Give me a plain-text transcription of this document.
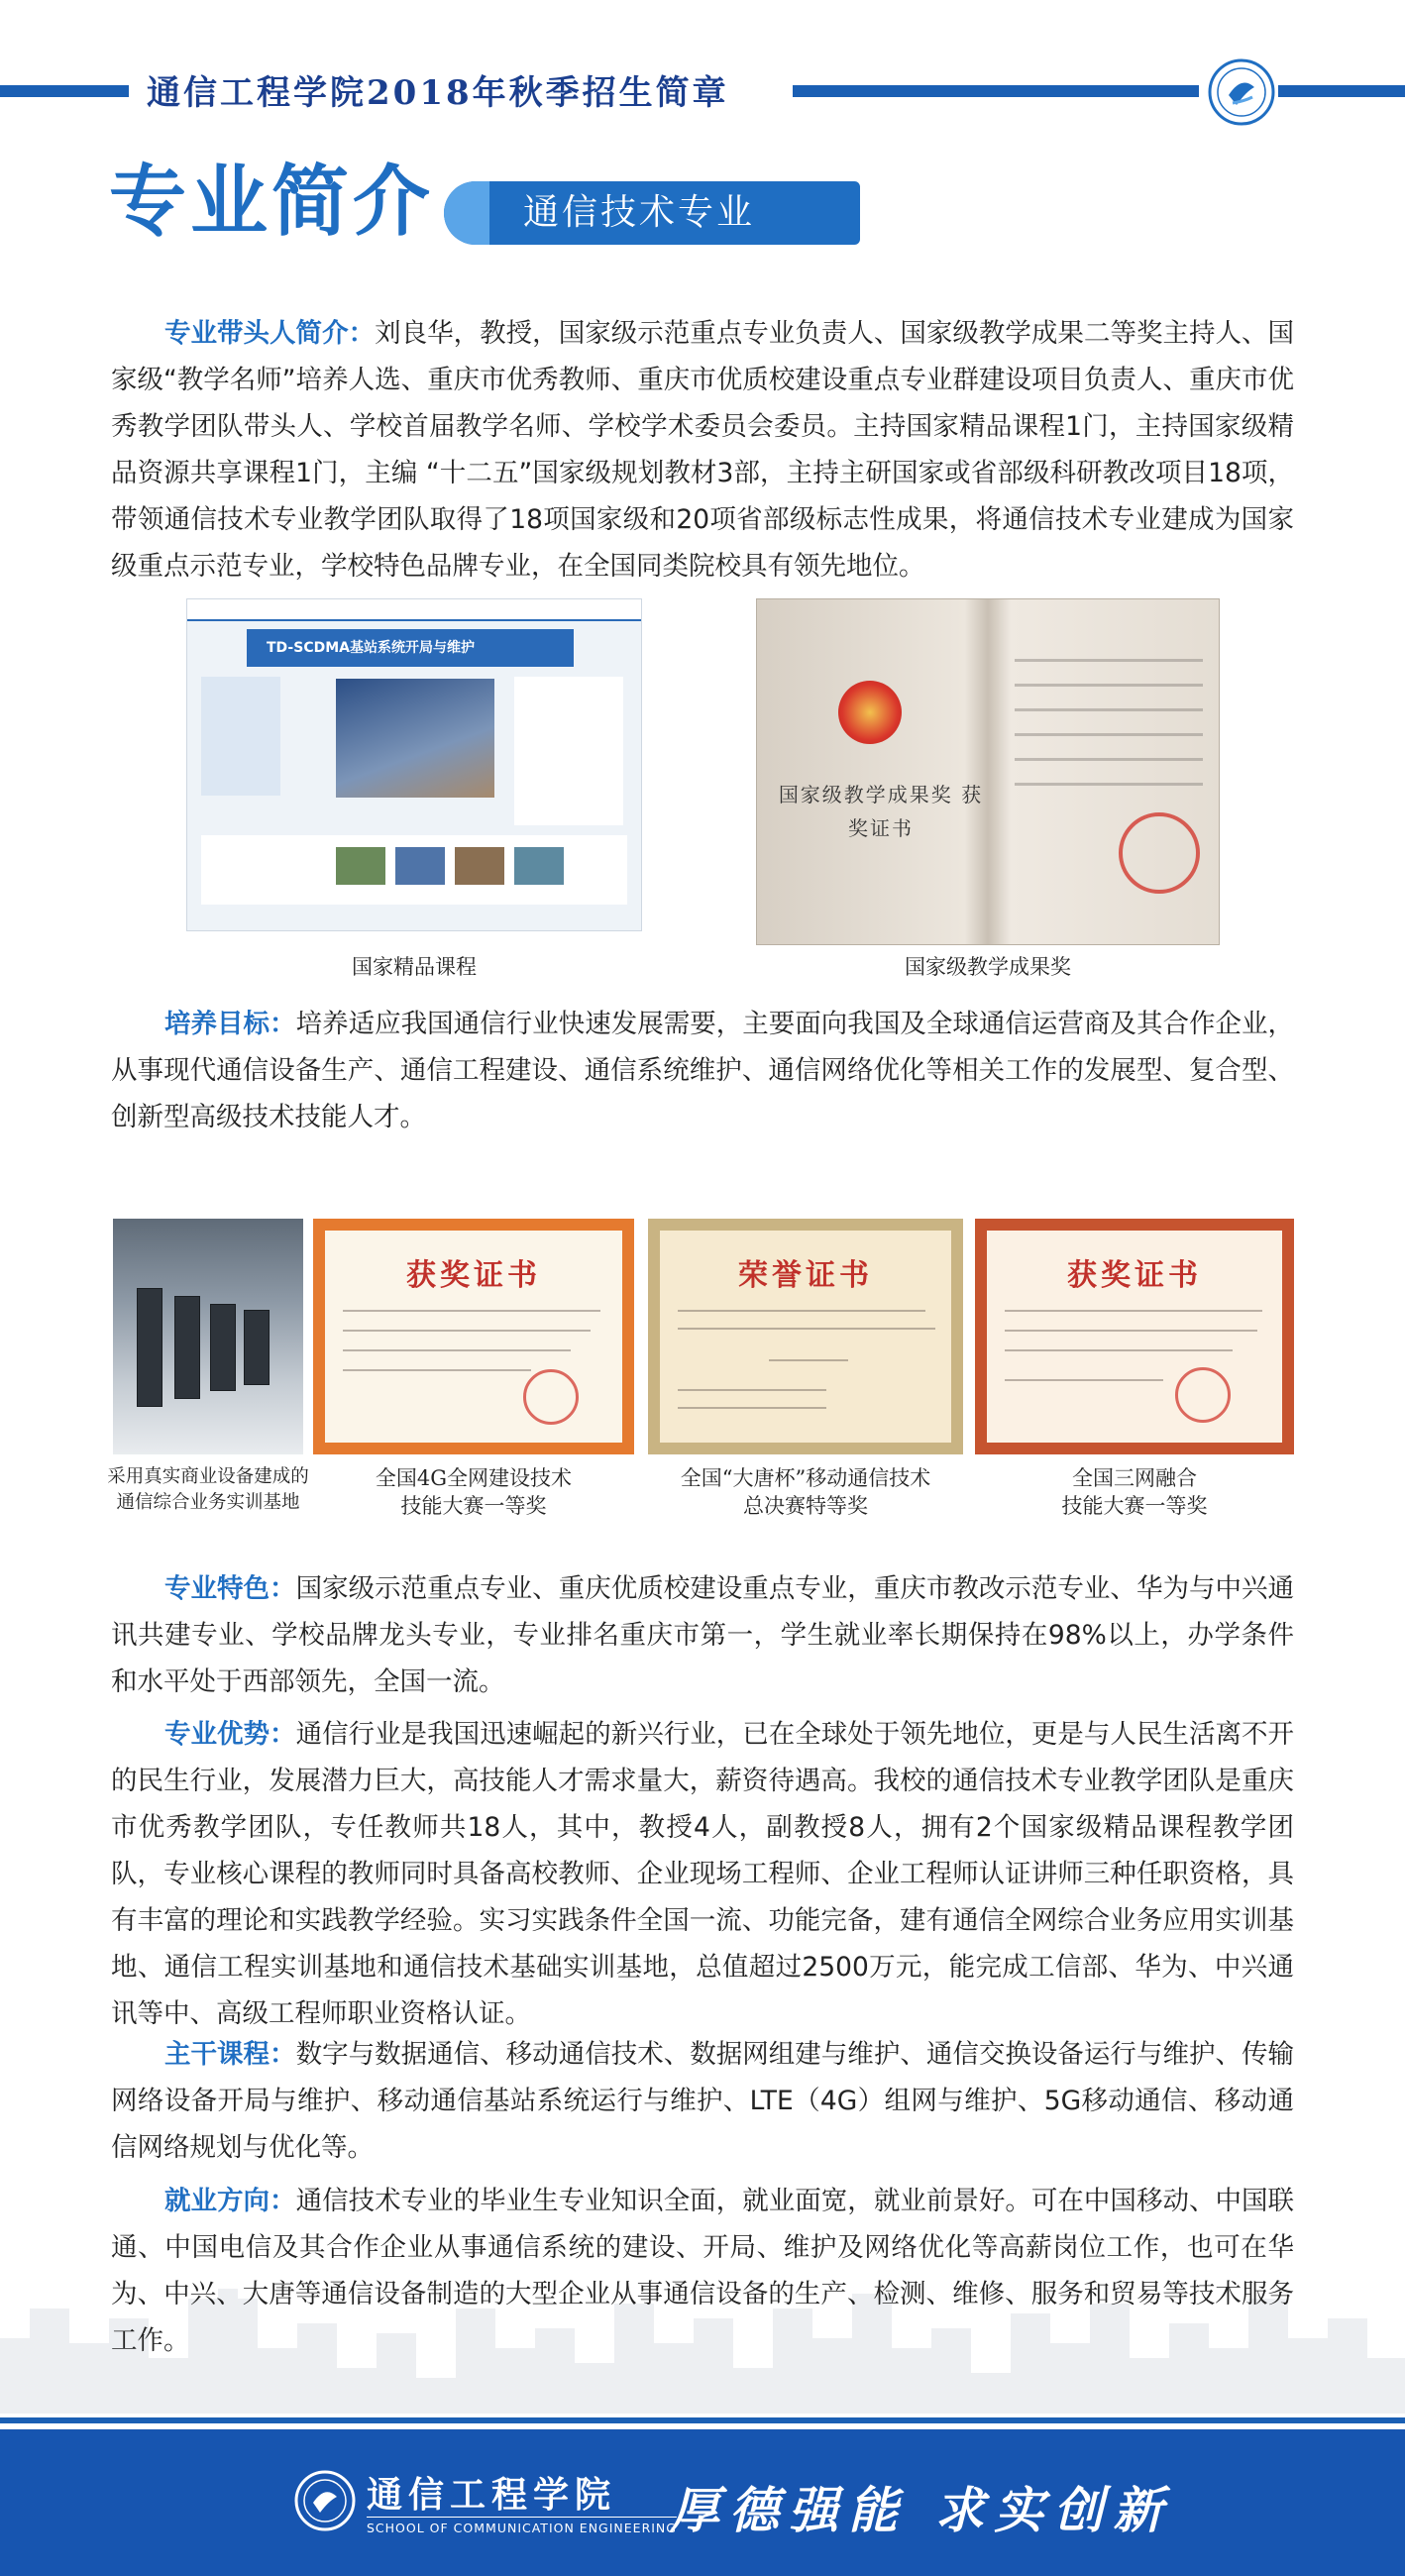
通信工程学院2018年秋季招生简章
专业简介	通信技术专业

专业带头人简介：刘良华，教授，国家级示范重点专业负责人、国家级教学成果二等奖主持人、国家级“教学名师”培养人选、重庆市优秀教师、重庆市优质校建设重点专业群建设项目负责人、重庆市优秀教学团队带头人、学校首届教学名师、学校学术委员会委员。主持国家精品课程1门，主持国家级精品资源共享课程1门，主编 “十二五”国家级规划教材3部，主持主研国家或省部级科研教改项目18项，带领通信技术专业教学团队取得了18项国家级和20项省部级标志性成果，将通信技术专业建成为国家级重点示范专业，学校特色品牌专业，在全国同类院校具有领先地位。

TD-SCDMA基站系统开局与维护
国家精品课程
国家级教学成果奖 获奖证书
国家级教学成果奖

培养目标：培养适应我国通信行业快速发展需要，主要面向我国及全球通信运营商及其合作企业，从事现代通信设备生产、通信工程建设、通信系统维护、通信网络优化等相关工作的发展型、复合型、创新型高级技术技能人才。

采用真实商业设备建成的
通信综合业务实训基地
获奖证书
全国4G全网建设技术
技能大赛一等奖
荣誉证书
全国“大唐杯”移动通信技术
总决赛特等奖
获奖证书
全国三网融合
技能大赛一等奖

专业特色：国家级示范重点专业、重庆优质校建设重点专业，重庆市教改示范专业、华为与中兴通讯共建专业、学校品牌龙头专业，专业排名重庆市第一，学生就业率长期保持在98%以上，办学条件和水平处于西部领先，全国一流。

专业优势：通信行业是我国迅速崛起的新兴行业，已在全球处于领先地位，更是与人民生活离不开的民生行业，发展潜力巨大，高技能人才需求量大，薪资待遇高。我校的通信技术专业教学团队是重庆市优秀教学团队，专任教师共18人，其中，教授4人，副教授8人，拥有2个国家级精品课程教学团队，专业核心课程的教师同时具备高校教师、企业现场工程师、企业工程师认证讲师三种任职资格，具有丰富的理论和实践教学经验。实习实践条件全国一流、功能完备，建有通信全网综合业务应用实训基地、通信工程实训基地和通信技术基础实训基地，总值超过2500万元，能完成工信部、华为、中兴通讯等中、高级工程师职业资格认证。

主干课程：数字与数据通信、移动通信技术、数据网组建与维护、通信交换设备运行与维护、传输网络设备开局与维护、移动通信基站系统运行与维护、LTE（4G）组网与维护、5G移动通信、移动通信网络规划与优化等。

就业方向：通信技术专业的毕业生专业知识全面，就业面宽，就业前景好。可在中国移动、中国联通、中国电信及其合作企业从事通信系统的建设、开局、维护及网络优化等高薪岗位工作，也可在华为、中兴、大唐等通信设备制造的大型企业从事通信设备的生产、检测、维修、服务和贸易等技术服务工作。

通信工程学院
SCHOOL OF COMMUNICATION ENGINEERING
厚德强能 求实创新
